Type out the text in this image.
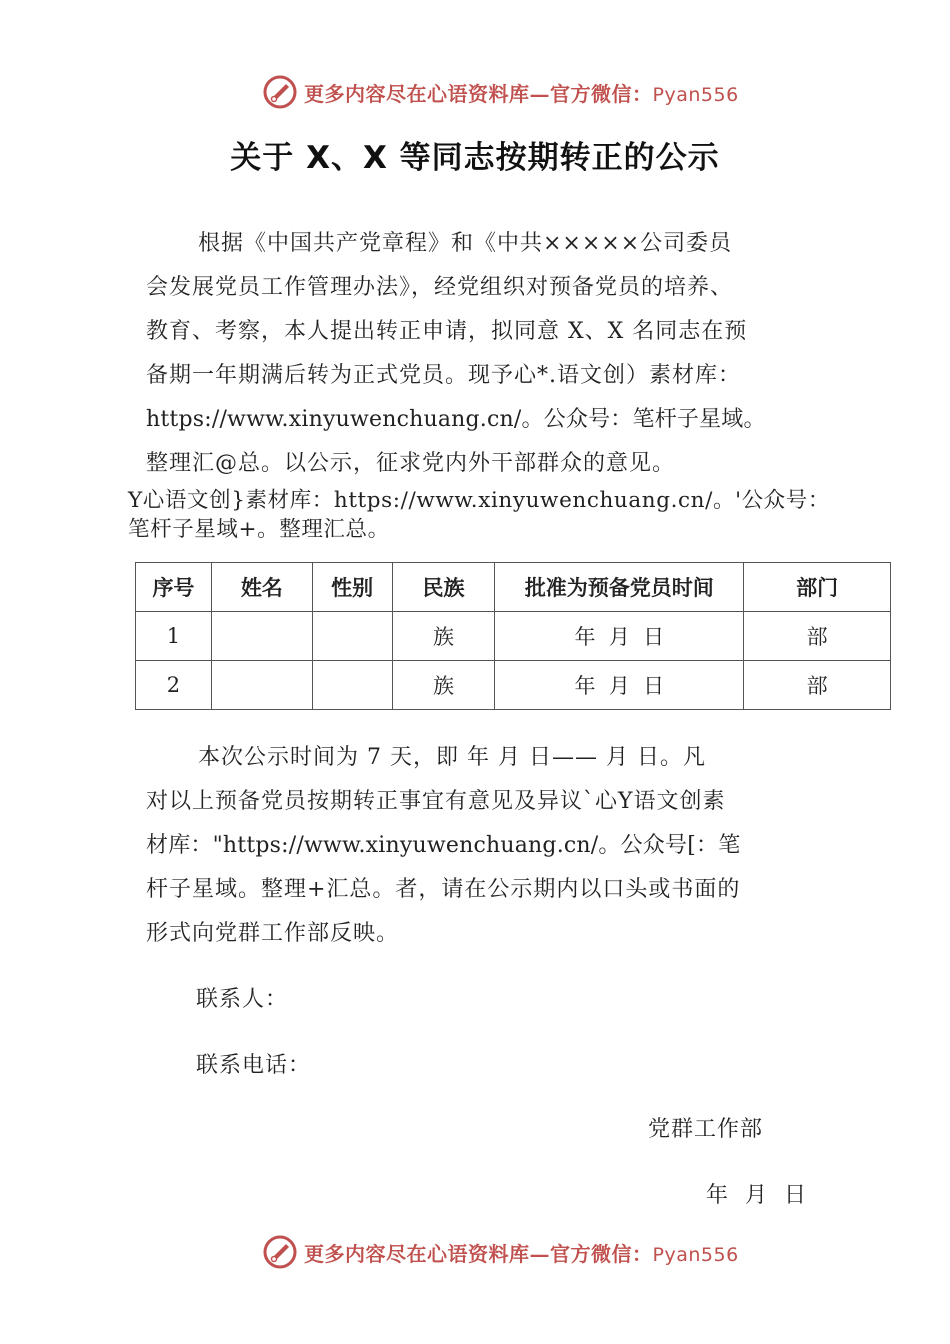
更多内容尽在心语资料库—官方微信：Pyan556
关于 X、X 等同志按期转正的公示

根据《中国共产党章程》和《中共×××××公司委员

会发展党员工作管理办法》，经党组织对预备党员的培养、

教育、考察，本人提出转正申请，拟同意 X、X 名同志在预

备期一年期满后转为正式党员。现予心*.语文创）素材库：

https://www.xinyuwenchuang.cn/。公众号：笔杆子星域。

整理汇@总。以公示，征求党内外干部群众的意见。

Y心语文创}素材库：https://www.xinyuwenchuang.cn/。'公众号：

笔杆子星域+。整理汇总。

序号	姓名	性别	民族	批准为预备党员时间	部门
1			族	年  月  日	部
2			族	年  月  日	部

本次公示时间为 7 天，即 年 月 日—— 月 日。凡

对以上预备党员按期转正事宜有意见及异议`心Y语文创素

材库："https://www.xinyuwenchuang.cn/。公众号[：笔

杆子星域。整理+汇总。者，请在公示期内以口头或书面的

形式向党群工作部反映。

联系人：

联系电话：

党群工作部

年  月  日

更多内容尽在心语资料库—官方微信：Pyan556
